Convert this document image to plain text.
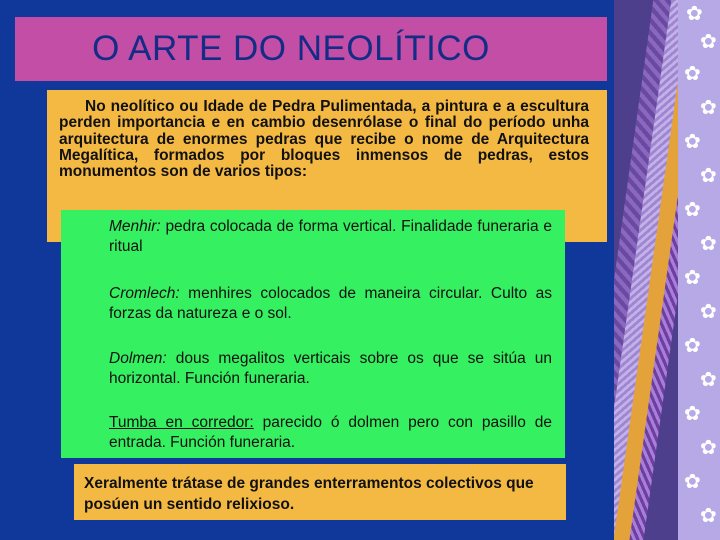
✿
✿
✿
✿
✿
✿
✿
✿
✿
✿
✿
✿
✿
✿
✿
✿
O ARTE DO NEOLÍTICO

No neolítico ou Idade de Pedra Pulimentada, a pintura e a escultura perden importancia e en cambio desenrólase o final do período unha arquitectura de enormes pedras que recibe o nome de Arquitectura Megalítica, formados por bloques inmensos de pedras, estos monumentos son de varios tipos:

Menhir: pedra colocada de forma vertical. Finalidade funeraria e ritual
Cromlech: menhires colocados de maneira circular. Culto as forzas da natureza e o sol.
Dolmen: dous megalitos verticais sobre os que se sitúa un horizontal. Función funeraria.
Tumba en corredor: parecido ó dolmen pero con pasillo de entrada. Función funeraria.

Xeralmente trátase de grandes enterramentos colectivos que posúen un sentido relixioso.
